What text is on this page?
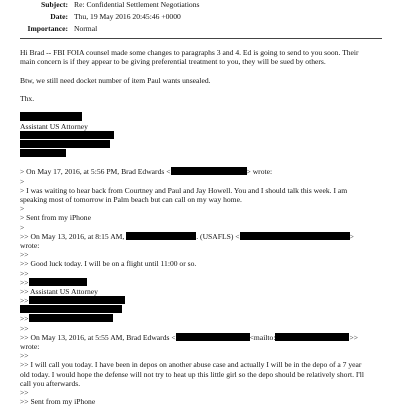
Subject: Re: Confidential Settlement Negotiations
Date: Thu, 19 May 2016 20:45:46 +0000
Importance: Normal
Hi Brad -- FBI FOIA counsel made some changes to paragraphs 3 and 4. Ed is going to send to you soon. Their
main concern is if they appear to be giving preferential treatment to you, they will be sued by others.
Btw, we still need docket number of item Paul wants unsealed.
Thx.
Assistant US Attorney
> On May 17, 2016, at 5:56 PM, Brad Edwards <	> wrote:
>
> I was waiting to hear back from Courtney and Paul and Jay Howell. You and I should talk this week. I am
speaking most of tomorrow in Palm beach but can call on my way home.
>
> Sent from my iPhone
>
>> On May 13, 2016, at 8:15 AM,	. (USAFLS) <	>
wrote:
>>
>> Good luck today. I will be on a flight until 11:00 or so.
>>
>>
>> Assistant US Attorney
>>
>>
>>
>> On May 13, 2016, at 5:55 AM, Brad Edwards <	<mailto:	>>
wrote:
>>
>> I will call you today. I have been in depos on another abuse case and actually I will be in the depo of a 7 year
old today. I would hope the defense will not try to heat up this little girl so the depo should be relatively short. I'll
call you afterwards.
>>
>> Sent from my iPhone
